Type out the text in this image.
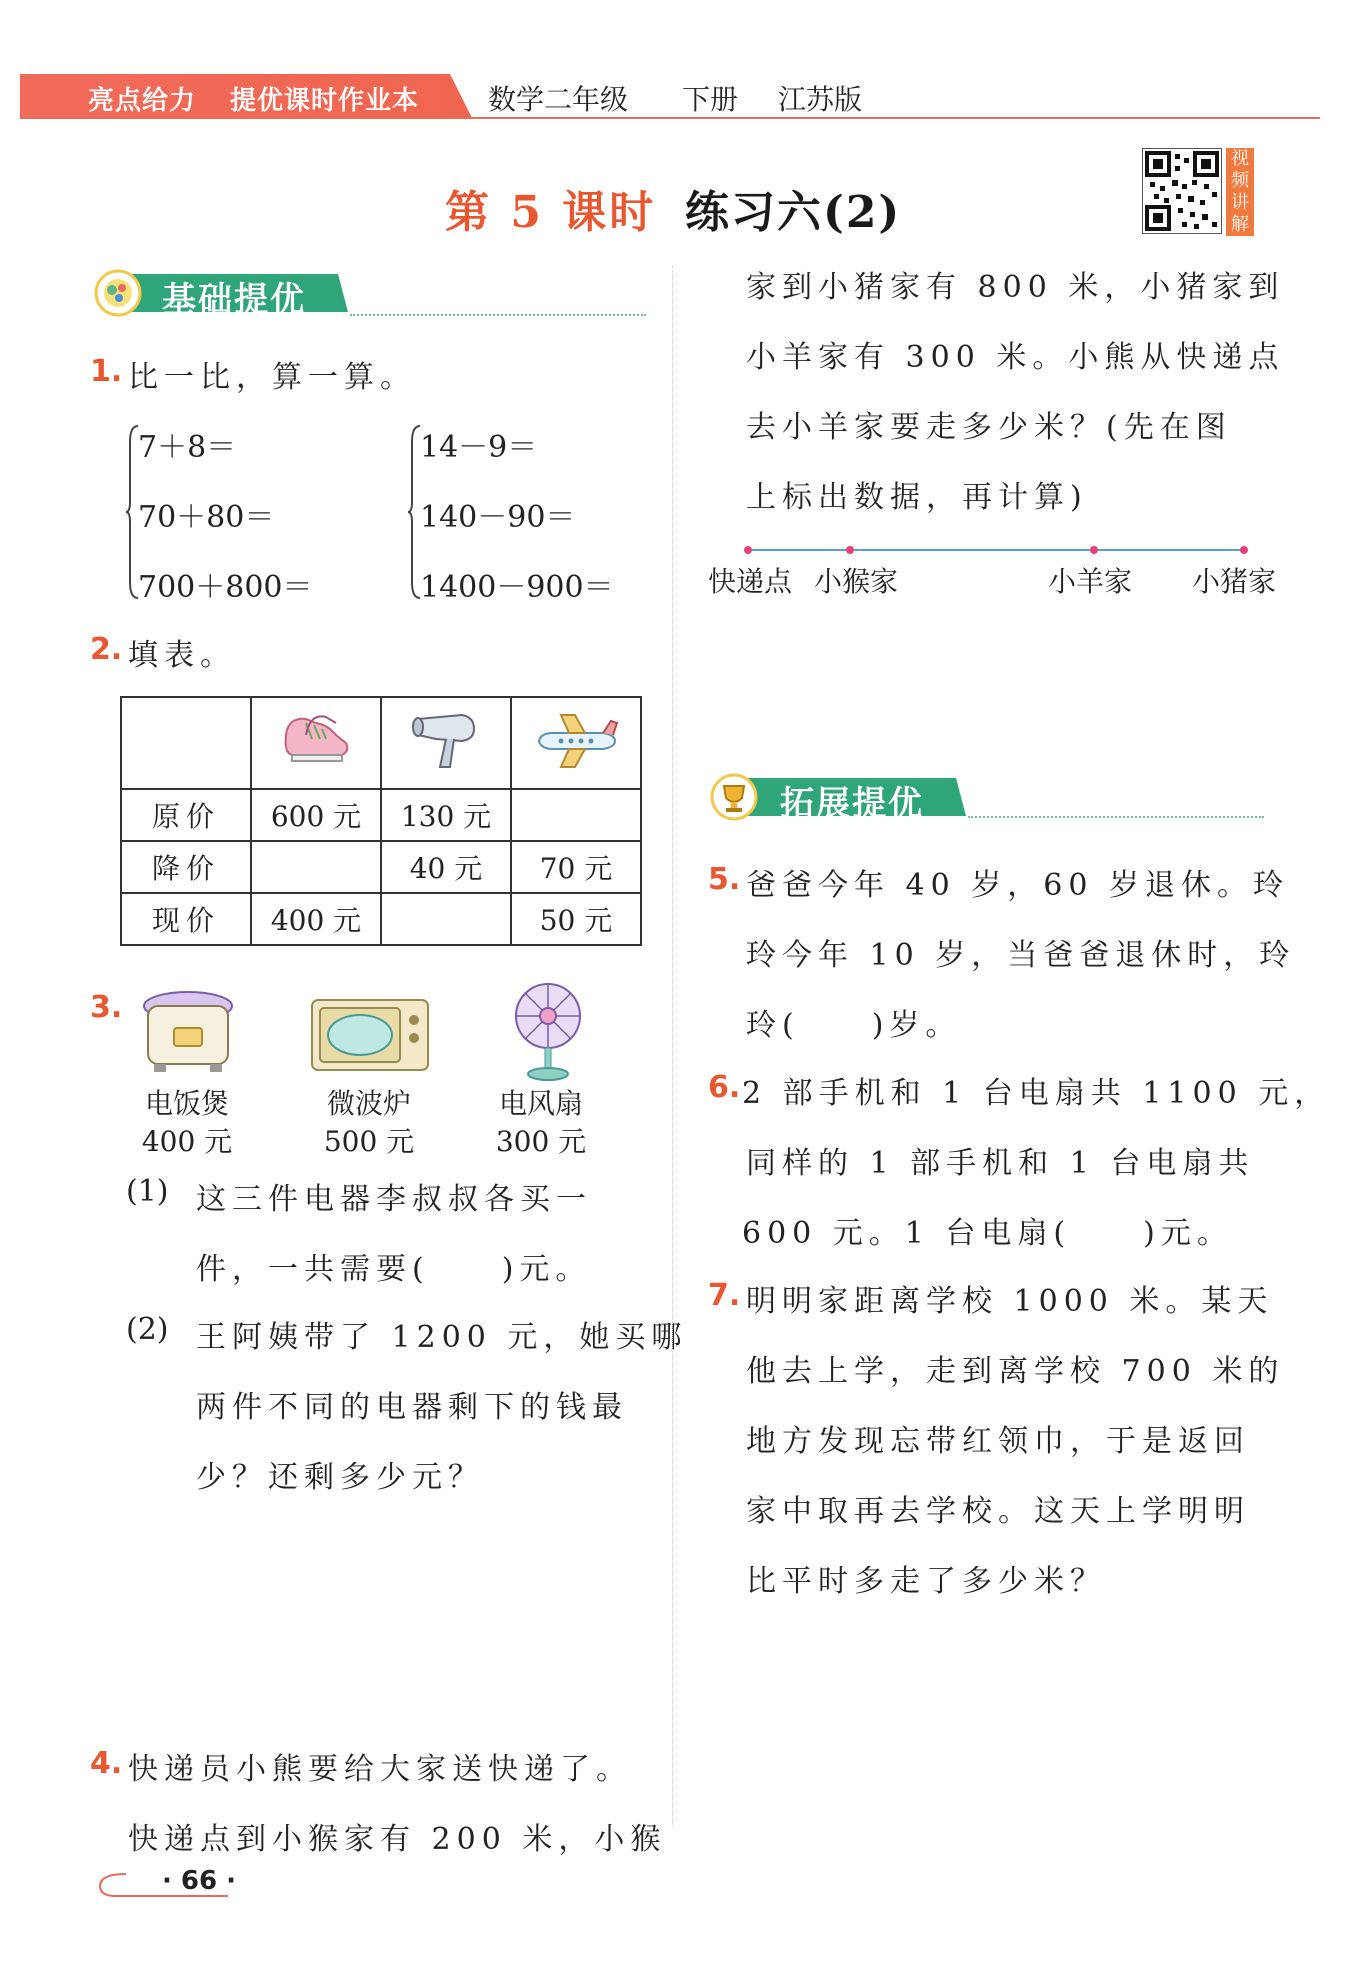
亮点给力 提优课时作业本 数学二年级 下册 江苏版
第 5 课时 练习六(2)
视
频
讲
解
基础提优
1. 比一比，算一算。
7＋8＝
70＋80＝
700＋800＝
14－9＝
140－90＝
1400－900＝
2. 填表。

原价	600 元	130 元	
降价		40 元	70 元
现价	400 元		50 元
3.
电饭煲
400 元
微波炉
500 元
电风扇
300 元
(1) 这三件电器李叔叔各买一
件，一共需要(　　)元。
(2) 王阿姨带了 1200 元，她买哪
两件不同的电器剩下的钱最
少？还剩多少元？
4. 快递员小熊要给大家送快递了。
快递点到小猴家有 200 米，小猴
· 66 ·
家到小猪家有 800 米，小猪家到
小羊家有 300 米。小熊从快递点
去小羊家要走多少米？(先在图
上标出数据，再计算)
快递点 小猴家	小羊家 小猪家
拓展提优
5. 爸爸今年 40 岁，60 岁退休。玲
玲今年 10 岁，当爸爸退休时，玲
玲(　　)岁。
6. 2 部手机和 1 台电扇共 1100 元，
同样的 1 部手机和 1 台电扇共
600 元。1 台电扇(　　)元。
7. 明明家距离学校 1000 米。某天
他去上学，走到离学校 700 米的
地方发现忘带红领巾，于是返回
家中取再去学校。这天上学明明
比平时多走了多少米？
